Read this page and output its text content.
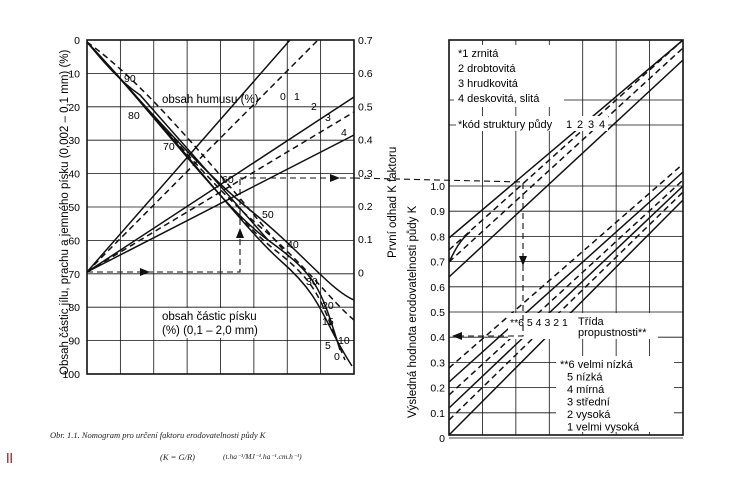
0
10
20
30
40
50
60
70
80
90
100
0.7
0.6
0.5
0.4
0.3
0.2
0.1
0
Obsah částic jílu, prachu a jemného písku (0,002 – 0,1 mm) (%)	První odhad K faktoru
obsah humusu (%) 0 1
2
3
4
90
80
70
60
50
40
30
20
15
10
5
0
obsah částic písku
(%) (0,1 – 2,0 mm)
1.0
0.9
0.8
0.7
0.6
0.5
0.4
0.3
0.2
0.1
0
Výsledná hodnota erodovatelnosti půdy K
*1 zrnitá
2 drobtovitá
3 hrudkovitá
4 deskovitá, slitá
*kód struktury půdy 1 2 3 4
**6 5 4 3 2 1 Třída
propustnosti**
**6 velmi nízká
5 nízká
4 mírná
3 střední
2 vysoká
1 velmi vysoká
Obr. 1.1. Nomogram pro určení faktoru erodovatelnosti půdy K
(K = G/R)	(t.ha⁻¹/MJ⁻¹.ha⁻¹.cm.h⁻¹)
